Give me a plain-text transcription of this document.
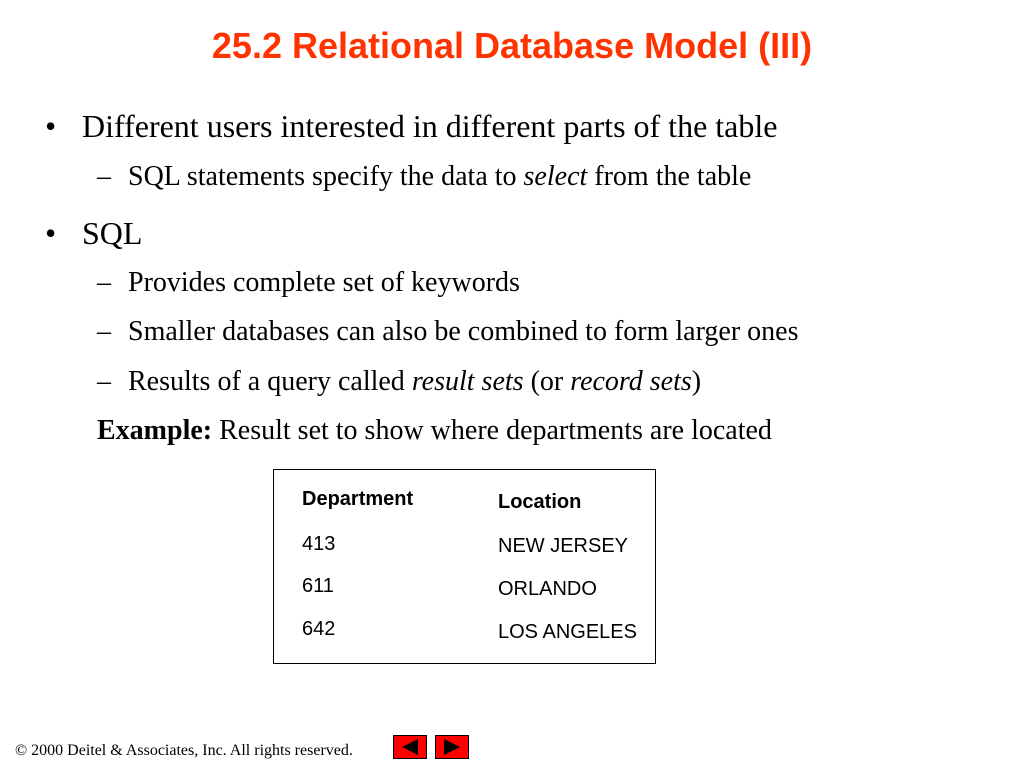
25.2 Relational Database Model (III)
• Different users interested in different parts of the table
– SQL statements specify the data to select from the table
• SQL
– Provides complete set of keywords
– Smaller databases can also be combined to form larger ones
– Results of a query called result sets (or record sets)
Example: Result set to show where departments are located
Department	Location
413	NEW JERSEY
611	ORLANDO
642	LOS ANGELES
© 2000 Deitel & Associates, Inc. All rights reserved.
